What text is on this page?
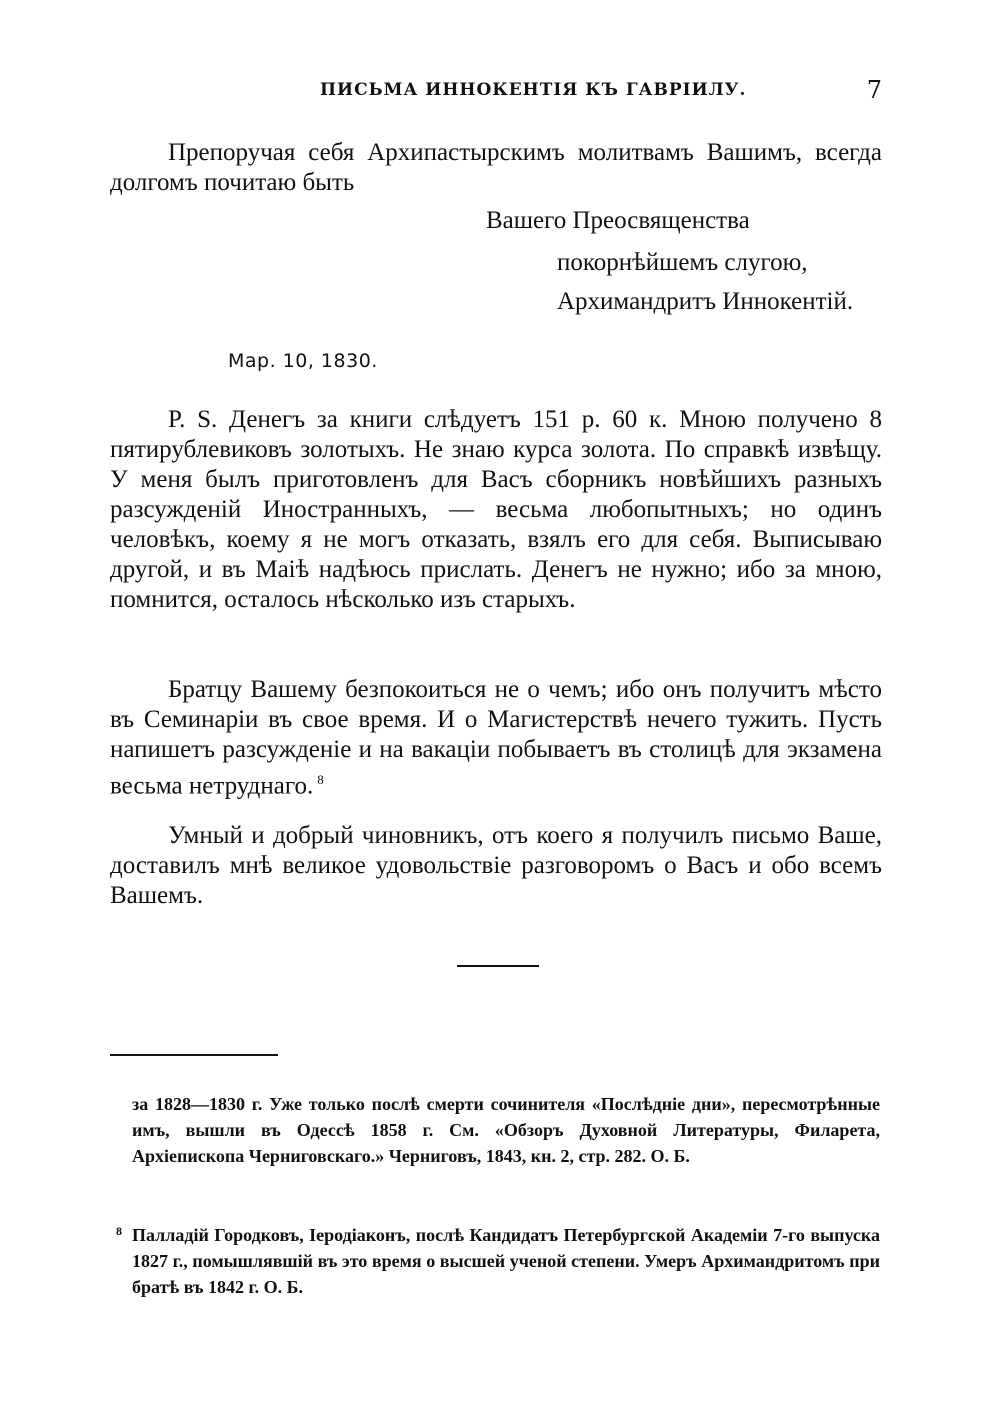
ПИСЬМА ИННОКЕНТІЯ КЪ ГАВРІИЛУ.	7

Препоручая себя Архипастырскимъ молитвамъ Вашимъ, всегда долгомъ почитаю быть

Вашего Преосвященства
покорнѣйшемъ слугою,
Архимандритъ Иннокентій.
Мар. 10, 1830.

P. S. Денегъ за книги слѣдуетъ 151 р. 60 к. Мною получено 8 пятирублевиковъ золотыхъ. Не знаю курса золота. По справкѣ извѣщу. У меня былъ приготовленъ для Васъ сборникъ новѣйшихъ разныхъ разсужденій Иностранныхъ, — весьма любопытныхъ; но одинъ человѣкъ, коему я не могъ отказать, взялъ его для себя. Выписываю другой, и въ Маіѣ надѣюсь прислать. Денегъ не нужно; ибо за мною, помнится, осталось нѣсколько изъ старыхъ.

Братцу Вашему безпокоиться не о чемъ; ибо онъ получитъ мѣсто въ Семинаріи въ свое время. И о Магистерствѣ нечего тужить. Пусть напишетъ разсужденіе и на вакаціи побываетъ въ столицѣ для экзамена весьма нетруднаго. $^8$

Умный и добрый чиновникъ, отъ коего я получилъ письмо Ваше, доставилъ мнѣ великое удовольствіе разговоромъ о Васъ и обо всемъ Вашемъ.

за 1828—1830 г. Уже только послѣ смерти сочинителя «Послѣдніе дни», пересмотрѣнные имъ, вышли въ Одессѣ 1858 г. См. «Обзоръ Духовной Литературы, Филарета, Архіепископа Черниговскаго.» Черниговъ, 1843, кн. 2, стр. 282. О. Б.

8 Палладій Городковъ, Іеродіаконъ, послѣ Кандидатъ Петербургской Академіи 7-го выпуска 1827 г., помышлявшій въ это время о высшей ученой степени. Умеръ Архимандритомъ при братѣ въ 1842 г. О. Б.
